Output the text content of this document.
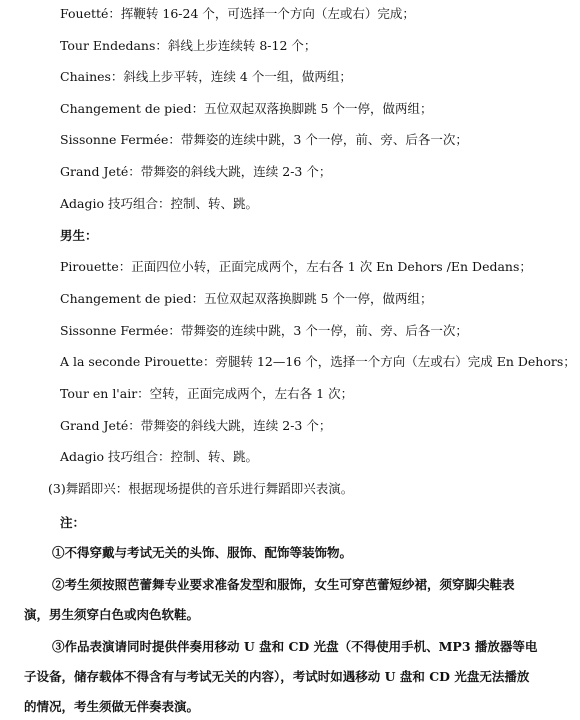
Fouetté：挥鞭转 16-24 个，可选择一个方向（左或右）完成；
Tour Endedans：斜线上步连续转 8-12 个；
Chaines：斜线上步平转，连续 4 个一组，做两组；
Changement de pied：五位双起双落换脚跳 5 个一停，做两组；
Sissonne Fermée：带舞姿的连续中跳，3 个一停，前、旁、后各一次；
Grand Jeté：带舞姿的斜线大跳，连续 2-3 个；
Adagio 技巧组合：控制、转、跳。
男生：
Pirouette：正面四位小转，正面完成两个，左右各 1 次 En Dehors /En Dedans；
Changement de pied：五位双起双落换脚跳 5 个一停，做两组；
Sissonne Fermée：带舞姿的连续中跳，3 个一停，前、旁、后各一次；
A la seconde Pirouette：旁腿转 12—16 个，选择一个方向（左或右）完成 En Dehors；
Tour en l'air：空转，正面完成两个，左右各 1 次；
Grand Jeté：带舞姿的斜线大跳，连续 2-3 个；
Adagio 技巧组合：控制、转、跳。
(3)舞蹈即兴：根据现场提供的音乐进行舞蹈即兴表演。
注：
①不得穿戴与考试无关的头饰、服饰、配饰等装饰物。
②考生须按照芭蕾舞专业要求准备发型和服饰，女生可穿芭蕾短纱裙，须穿脚尖鞋表
演，男生须穿白色或肉色软鞋。
③作品表演请同时提供伴奏用移动 U 盘和 CD 光盘（不得使用手机、MP3 播放器等电
子设备，储存载体不得含有与考试无关的内容），考试时如遇移动 U 盘和 CD 光盘无法播放
的情况，考生须做无伴奏表演。
